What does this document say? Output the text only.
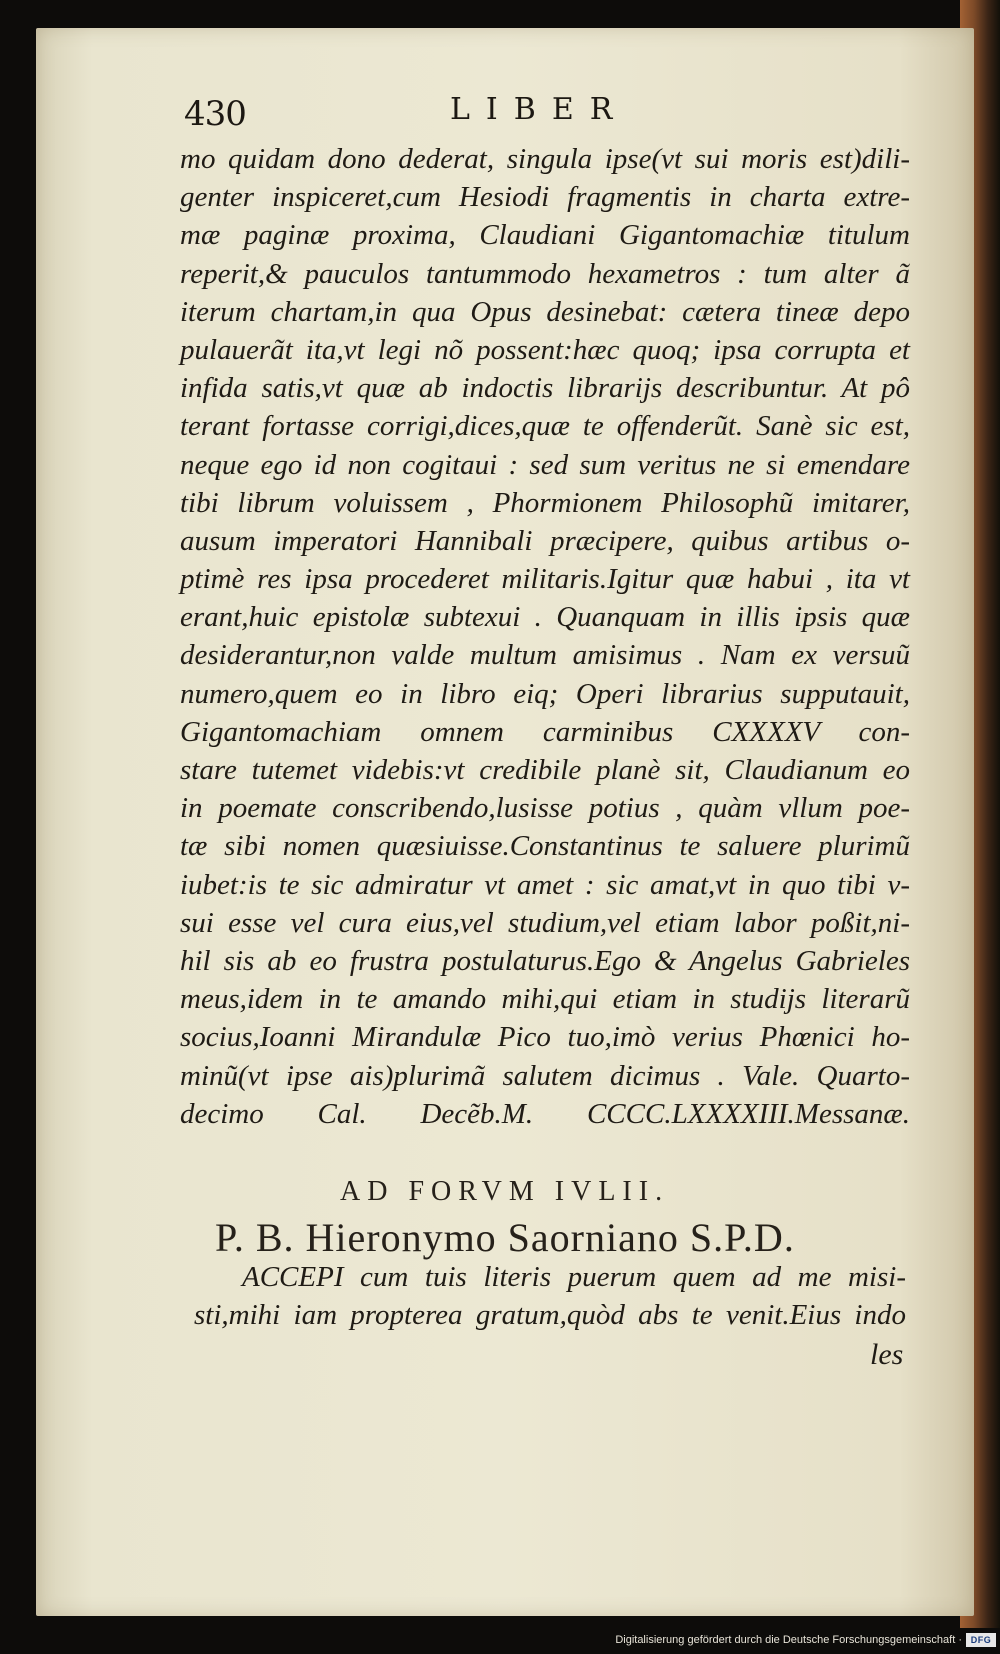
430	LIBER
mo quidam dono dederat, singula ipse(vt sui moris est)dili-
genter inspiceret,cum Hesiodi fragmentis in charta extre-
mæ paginæ proxima, Claudiani Gigantomachiæ titulum
reperit,& pauculos tantummodo hexametros : tum alter ã
iterum chartam,in qua Opus desinebat: cætera tineæ depo
pulauerãt ita,vt legi nõ possent:hæc quoq; ipsa corrupta et
infida satis,vt quæ ab indoctis librarijs describuntur. At pô
terant fortasse corrigi,dices,quæ te offenderũt. Sanè sic est,
neque ego id non cogitaui : sed sum veritus ne si emendare
tibi librum voluissem , Phormionem Philosophũ imitarer,
ausum imperatori Hannibali præcipere, quibus artibus o-
ptimè res ipsa procederet militaris.Igitur quæ habui , ita vt
erant,huic epistolæ subtexui . Quanquam in illis ipsis quæ
desiderantur,non valde multum amisimus . Nam ex versuũ
numero,quem eo in libro eiq; Operi librarius supputauit,
Gigantomachiam omnem carminibus CXXXXV con-
stare tutemet videbis:vt credibile planè sit, Claudianum eo
in poemate conscribendo,lusisse potius , quàm vllum poe-
tæ sibi nomen quæsiuisse.Constantinus te saluere plurimũ
iubet:is te sic admiratur vt amet : sic amat,vt in quo tibi v-
sui esse vel cura eius,vel studium,vel etiam labor poßit,ni-
hil sis ab eo frustra postulaturus.Ego & Angelus Gabrieles
meus,idem in te amando mihi,qui etiam in studijs literarũ
socius,Ioanni Mirandulæ Pico tuo,imò verius Phœnici ho-
minũ(vt ipse ais)plurimã salutem dicimus . Vale. Quarto-
decimo Cal. Decẽb.M. CCCC.LXXXXIII.Messanæ.
AD FORVM IVLII.
P. B. Hieronymo Saorniano S.P.D.
ACCEPI cum tuis literis puerum quem ad me misi-
sti,mihi iam propterea gratum,quòd abs te venit.Eius indo
les
Digitalisierung gefördert durch die Deutsche Forschungsgemeinschaft · DFG
